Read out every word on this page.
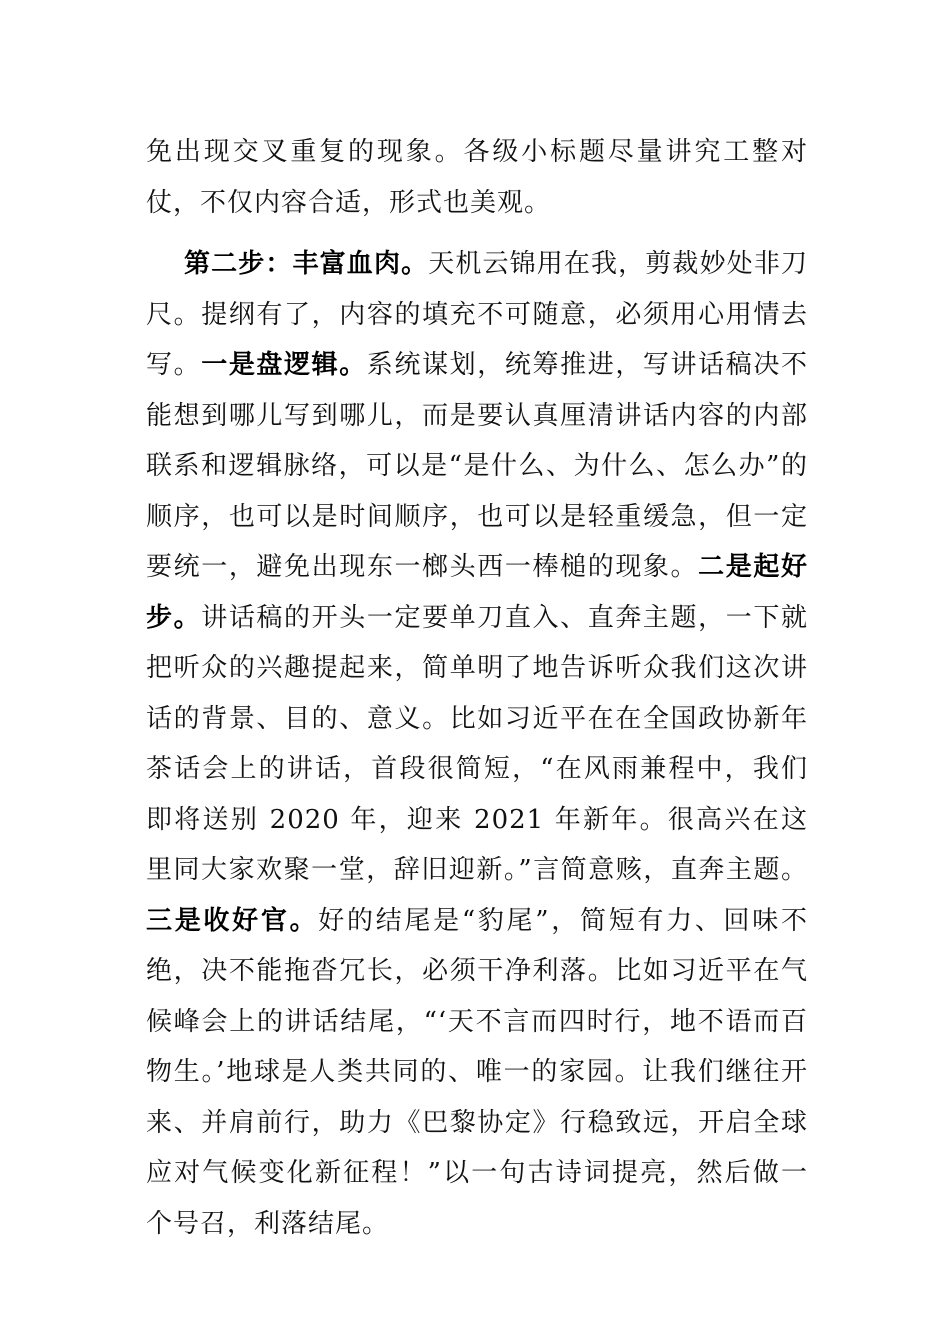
免出现交叉重复的现象。各级小标题尽量讲究工整对仗，不仅内容合适，形式也美观。
第二步：丰富血肉。天机云锦用在我，剪裁妙处非刀尺。提纲有了，内容的填充不可随意，必须用心用情去写。一是盘逻辑。系统谋划，统筹推进，写讲话稿决不能想到哪儿写到哪儿，而是要认真厘清讲话内容的内部联系和逻辑脉络，可以是“是什么、为什么、怎么办”的顺序，也可以是时间顺序，也可以是轻重缓急，但一定要统一，避免出现东一榔头西一棒槌的现象。二是起好步。讲话稿的开头一定要单刀直入、直奔主题，一下就把听众的兴趣提起来，简单明了地告诉听众我们这次讲话的背景、目的、意义。比如习近平在在全国政协新年茶话会上的讲话，首段很简短，“在风雨兼程中，我们即将送别 2020 年，迎来 2021 年新年。很高兴在这里同大家欢聚一堂，辞旧迎新。”言简意赅，直奔主题。三是收好官。好的结尾是“豹尾”，简短有力、回味不绝，决不能拖沓冗长，必须干净利落。比如习近平在气候峰会上的讲话结尾，“‘天不言而四时行，地不语而百物生。’地球是人类共同的、唯一的家园。让我们继往开来、并肩前行，助力《巴黎协定》行稳致远，开启全球应对气候变化新征程！”以一句古诗词提亮，然后做一个号召，利落结尾。
